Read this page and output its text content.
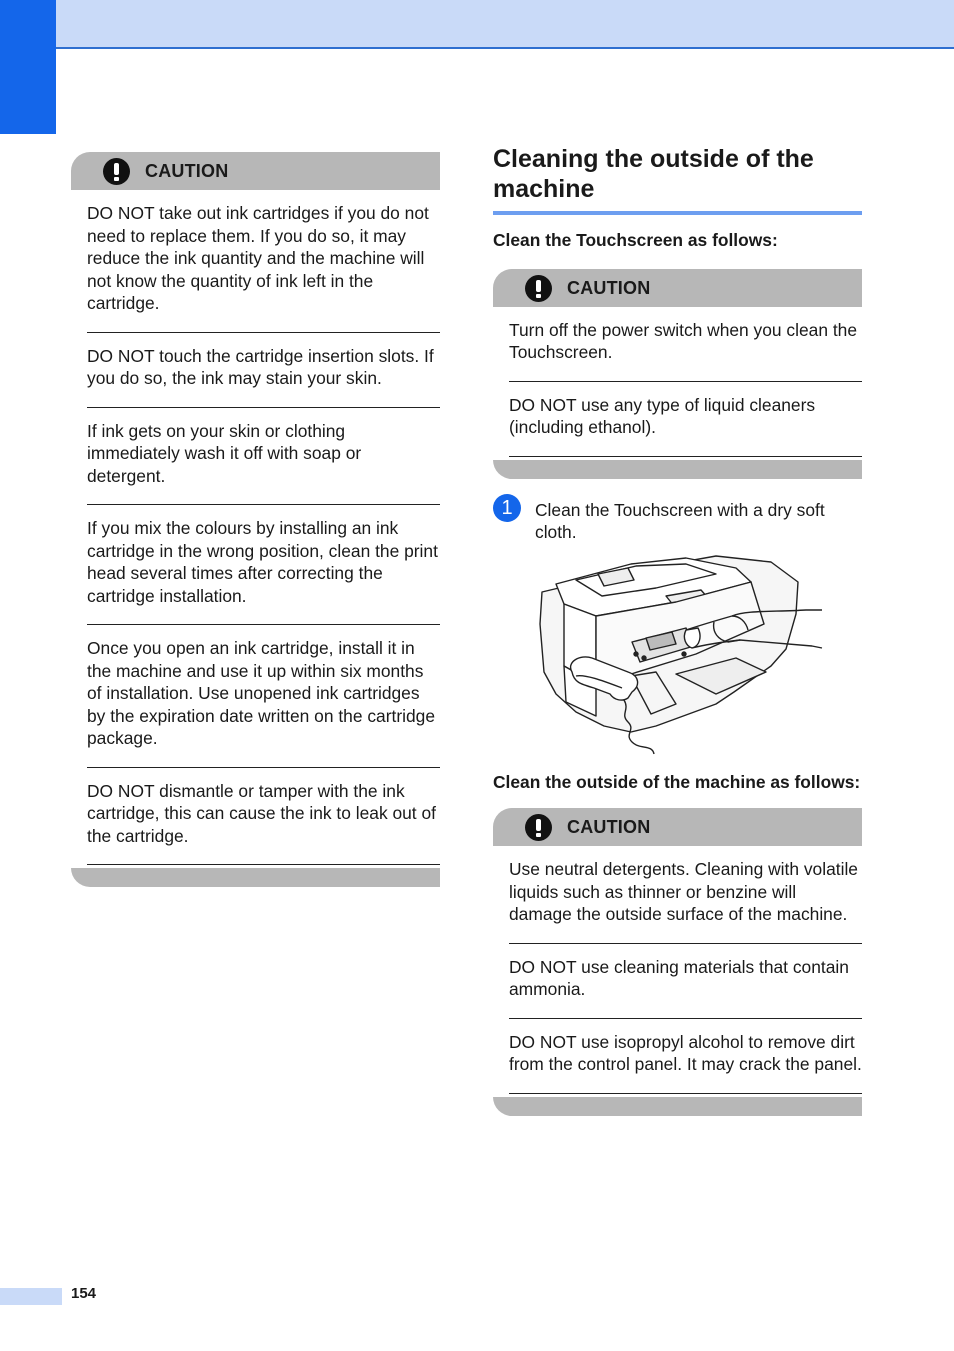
CAUTION
DO NOT take out ink cartridges if you do not need to replace them. If you do so, it may reduce the ink quantity and the machine will not know the quantity of ink left in the cartridge.
DO NOT touch the cartridge insertion slots. If you do so, the ink may stain your skin.
If ink gets on your skin or clothing immediately wash it off with soap or detergent.
If you mix the colours by installing an ink cartridge in the wrong position, clean the print head several times after correcting the cartridge installation.
Once you open an ink cartridge, install it in the machine and use it up within six months of installation. Use unopened ink cartridges by the expiration date written on the cartridge package.
DO NOT dismantle or tamper with the ink cartridge, this can cause the ink to leak out of the cartridge.
Cleaning the outside of the machine
Clean the Touchscreen as follows:
CAUTION
Turn off the power switch when you clean the Touchscreen.
DO NOT use any type of liquid cleaners (including ethanol).
1	Clean the Touchscreen with a dry soft cloth.
Clean the outside of the machine as follows:
CAUTION
Use neutral detergents. Cleaning with volatile liquids such as thinner or benzine will damage the outside surface of the machine.
DO NOT use cleaning materials that contain ammonia.
DO NOT use isopropyl alcohol to remove dirt from the control panel. It may crack the panel.
154
